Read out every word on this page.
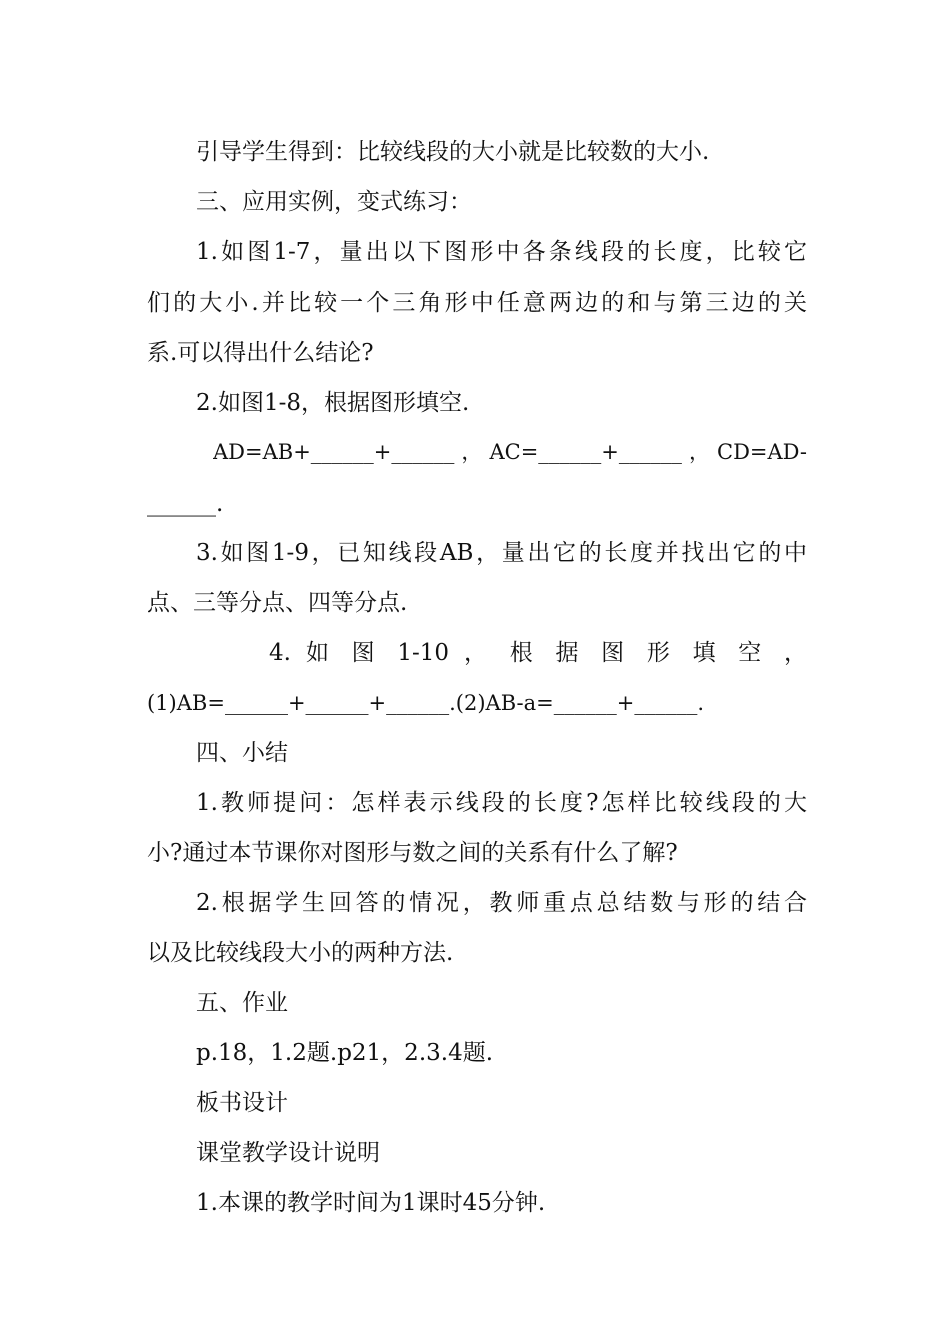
引导学生得到：比较线段的大小就是比较数的大小.
三、应用实例，变式练习：
1.如图1-7，量出以下图形中各条线段的长度，比较它
们的大小.并比较一个三角形中任意两边的和与第三边的关
系.可以得出什么结论?
2.如图1-8，根据图形填空.
AD=AB+______+______，AC=______+______，CD=AD-
______.
3.如图1-9，已知线段AB，量出它的长度并找出它的中
点、三等分点、四等分点.
4. 如 图 1-10 ， 根 据 图 形 填 空 ，
(1)AB=______+______+______.(2)AB-a=______+______.
四、小结
1.教师提问：怎样表示线段的长度?怎样比较线段的大
小?通过本节课你对图形与数之间的关系有什么了解?
2.根据学生回答的情况，教师重点总结数与形的结合
以及比较线段大小的两种方法.
五、作业
p.18，1.2题.p21，2.3.4题.
板书设计
课堂教学设计说明
1.本课的教学时间为1课时45分钟.
